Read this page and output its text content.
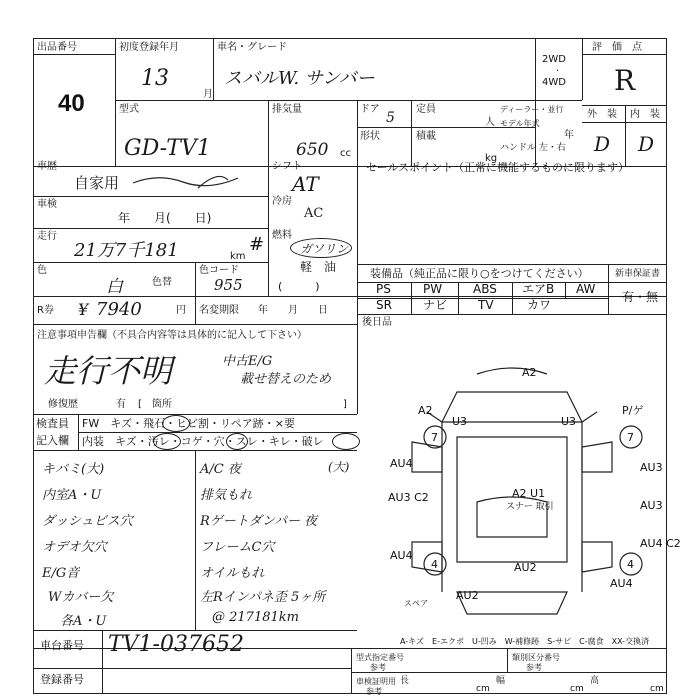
出品番号
40
初度登録年月
13
月
車名・グレード
スバルW. サンバー
2WD
·
4WD
評　価　点
R
外　装 内　装
D D
型式
GD-TV1
排気量
650 cc
ドア
5
定員
人
形状	積載
kg
ディーラー・並行
モデル年式
年
ハンドル 左・右
車歴
自家用
車検
年　　月(　　日)
走行
21万7千181	km
#
色
白	色替
色コード
955
シフト
AT
冷房
AC
燃料
ガソリン
軽　油
(　　　)
セールスポイント（正常に機能するものに限ります）
装備品（純正品に限り○をつけてください）	新車保証書
有・無
PS	PW	ABS エアB AW
SR	ナビ	TV	カワ
後日品
R券 ¥ 7940	円 名変期限 年　　月　　日
注意事項申告欄（不具合内容等は具体的に記入して下さい）
走行不明	中古E/G
載せ替えのため
修復歴	有 [　箇所	]
検査員
記入欄
FW　キズ・飛石・ヒビ割・リペア跡・×要
内装　キズ・汚レ・コゲ・穴・スレ・キレ・破レ
キバミ(大)
内室A・U
ダッシュビス穴
オデオ欠穴
E/G音
Wカバー欠
各A・U
A/C 夜	(大)
排気もれ
Rゲートダンパー 夜
フレームC穴
オイルもれ
左Rインパネ歪 5ヶ所
@ 217181km
A2
A2	P/ゲ
U3	U3
7	7
AU4	AU3
AU3 C2
AU3
A2 U1
スナー 取引
AU4
AU2
AU4 C2
4	4
AU2
AU4
スペア
A-キズ　E-エクボ　U-凹み　W-補修跡　S-サビ　C-腐食　XX-交換済
車台番号 TV1-037652
登録番号
型式指定番号
参考
類別区分番号
参考
車検証明用
参考
長
cm
幅
cm
高
cm
